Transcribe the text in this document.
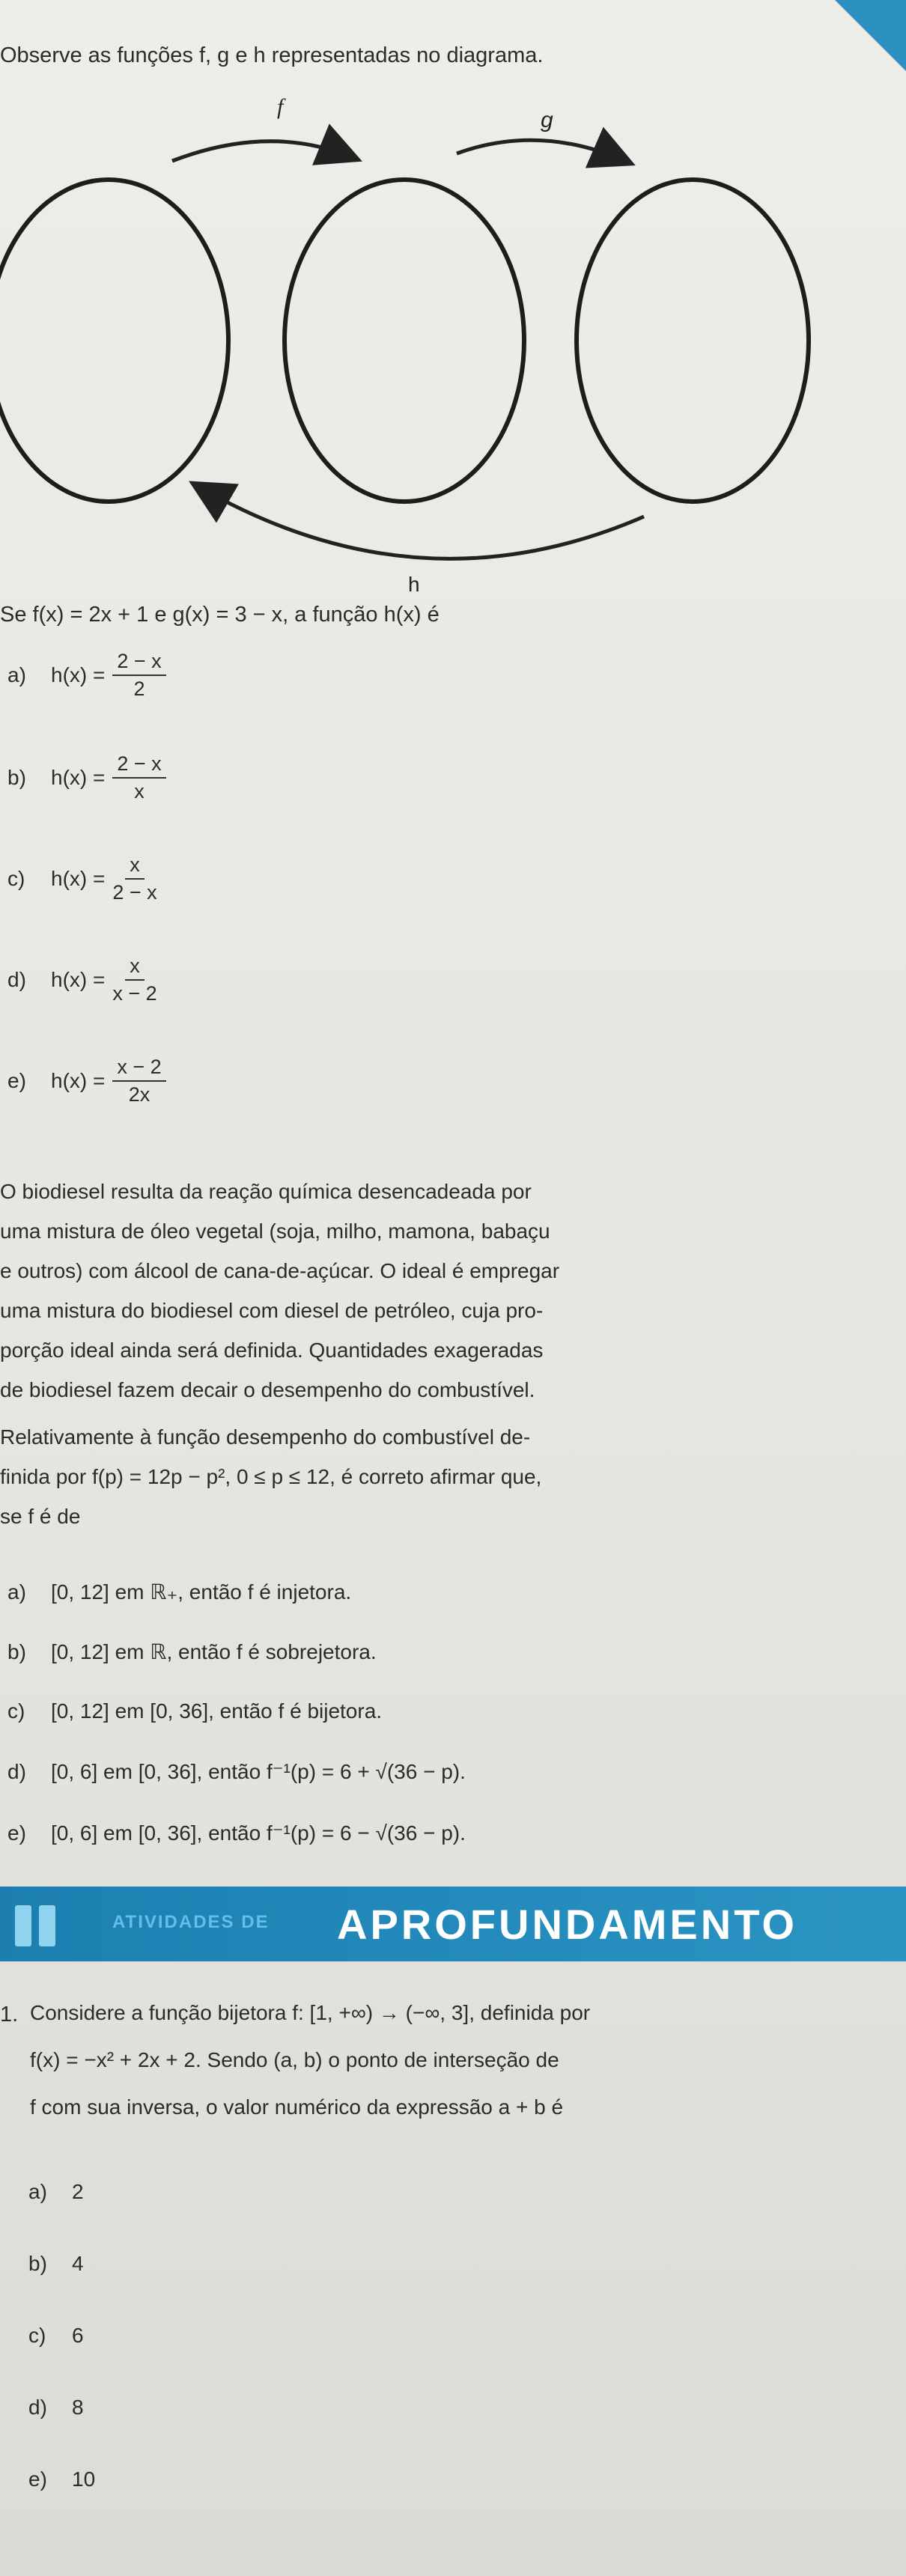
Observe as funções f, g e h representadas no diagrama.
f
g
h
Se f(x) = 2x + 1 e g(x) = 3 − x, a função h(x) é
a)	$h(x) = \frac{2 - x}{2}$
b)	$h(x) = \frac{2 - x}{x}$
c)	$h(x) = \frac{x}{2 - x}$
d)	$h(x) = \frac{x}{x - 2}$
e)	$h(x) = \frac{x - 2}{2x}$
O biodiesel resulta da reação química desencadeada por
uma mistura de óleo vegetal (soja, milho, mamona, babaçu
e outros) com álcool de cana-de-açúcar. O ideal é empregar
uma mistura do biodiesel com diesel de petróleo, cuja pro-
porção ideal ainda será definida. Quantidades exageradas
de biodiesel fazem decair o desempenho do combustível.
Relativamente à função desempenho do combustível de-
finida por f(p) = 12p − p², 0 ≤ p ≤ 12, é correto afirmar que,
se f é de
a)	[0, 12] em ℝ₊, então f é injetora.
b)	[0, 12] em ℝ, então f é sobrejetora.
c)	[0, 12] em [0, 36], então f é bijetora.
d)	[0, 6] em [0, 36], então f⁻¹(p) = 6 + √(36 − p).
e)	[0, 6] em [0, 36], então f⁻¹(p) = 6 − √(36 − p).
ATIVIDADES DE APROFUNDAMENTO
1. Considere a função bijetora f: [1, +∞) → (−∞, 3], definida por
f(x) = −x² + 2x + 2. Sendo (a, b) o ponto de interseção de
f com sua inversa, o valor numérico da expressão a + b é
a)	2
b)	4
c)	6
d)	8
e)	10
